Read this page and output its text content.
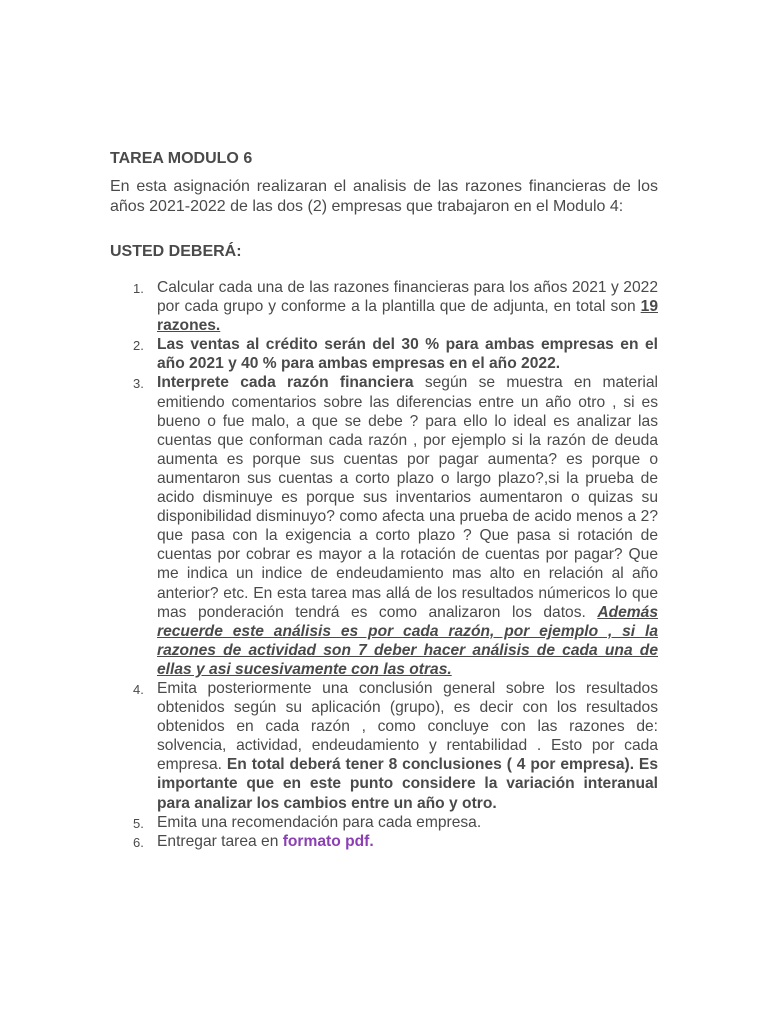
TAREA MODULO 6
En esta asignación realizaran el analisis de las razones financieras de los años 2021-2022 de las dos (2) empresas que trabajaron en el Modulo 4:
USTED DEBERÁ:
1. Calcular cada una de las razones financieras para los años 2021 y 2022 por cada grupo y conforme a la plantilla que de adjunta, en total son 19 razones.
2. Las ventas al crédito serán del 30 % para ambas empresas en el año 2021 y 40 % para ambas empresas en el año 2022.
3. Interprete cada razón financiera según se muestra en material emitiendo comentarios sobre las diferencias entre un año otro , si es bueno o fue malo, a que se debe ? para ello lo ideal es analizar las cuentas que conforman cada razón , por ejemplo si la razón de deuda aumenta es porque sus cuentas por pagar aumenta? es porque o aumentaron sus cuentas a corto plazo o largo plazo?,si la prueba de acido disminuye es porque sus inventarios aumentaron o quizas su disponibilidad disminuyo? como afecta una prueba de acido menos a 2? que pasa con la exigencia a corto plazo ? Que pasa si rotación de cuentas por cobrar es mayor a la rotación de cuentas por pagar? Que me indica un indice de endeudamiento mas alto en relación al año anterior? etc. En esta tarea mas allá de los resultados númericos lo que mas ponderación tendrá es como analizaron los datos. Además recuerde este análisis es por cada razón, por ejemplo , si la razones de actividad son 7 deber hacer análisis de cada una de ellas y asi sucesivamente con las otras.
4. Emita posteriormente una conclusión general sobre los resultados obtenidos según su aplicación (grupo), es decir con los resultados obtenidos en cada razón , como concluye con las razones de: solvencia, actividad, endeudamiento y rentabilidad . Esto por cada empresa. En total deberá tener 8 conclusiones ( 4 por empresa). Es importante que en este punto considere la variación interanual para analizar los cambios entre un año y otro.
5. Emita una recomendación para cada empresa.
6. Entregar tarea en formato pdf.
